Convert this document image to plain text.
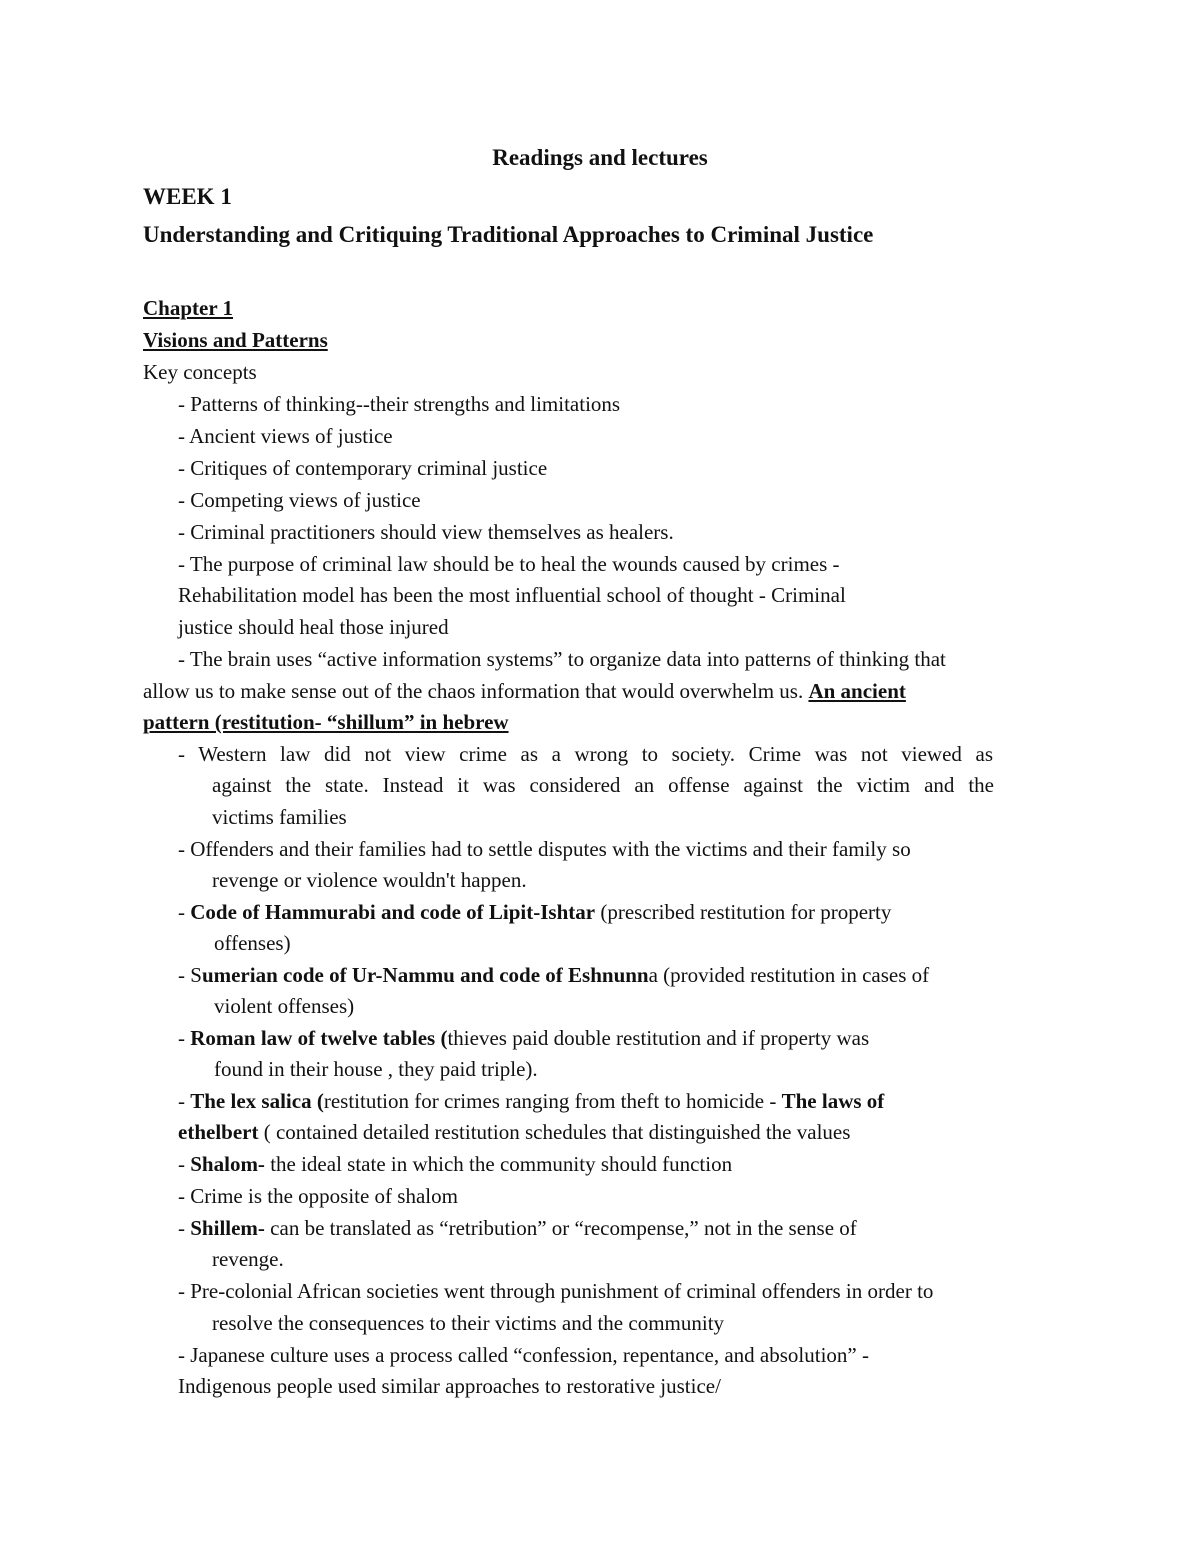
Readings and lectures
WEEK 1
Understanding and Critiquing Traditional Approaches to Criminal Justice
Chapter 1
Visions and Patterns
Key concepts
- Patterns of thinking--their strengths and limitations
- Ancient views of justice
- Critiques of contemporary criminal justice
- Competing views of justice
- Criminal practitioners should view themselves as healers.
- The purpose of criminal law should be to heal the wounds caused by crimes -
Rehabilitation model has been the most influential school of thought - Criminal
justice should heal those injured
- The brain uses “active information systems” to organize data into patterns of thinking that
allow us to make sense out of the chaos information that would overwhelm us. An ancient
pattern (restitution- “shillum” in hebrew
- Western law did not view crime as a wrong to society. Crime was not viewed as
against the state. Instead it was considered an offense against the victim and the
victims families
- Offenders and their families had to settle disputes with the victims and their family so
revenge or violence wouldn't happen.
- Code of Hammurabi and code of Lipit-Ishtar (prescribed restitution for property
offenses)
- Sumerian code of Ur-Nammu and code of Eshnunna (provided restitution in cases of
violent offenses)
- Roman law of twelve tables (thieves paid double restitution and if property was
found in their house , they paid triple).
- The lex salica (restitution for crimes ranging from theft to homicide - The laws of
ethelbert ( contained detailed restitution schedules that distinguished the values
- Shalom- the ideal state in which the community should function
- Crime is the opposite of shalom
- Shillem- can be translated as “retribution” or “recompense,” not in the sense of
revenge.
- Pre-colonial African societies went through punishment of criminal offenders in order to
resolve the consequences to their victims and the community
- Japanese culture uses a process called “confession, repentance, and absolution” -
Indigenous people used similar approaches to restorative justice/
